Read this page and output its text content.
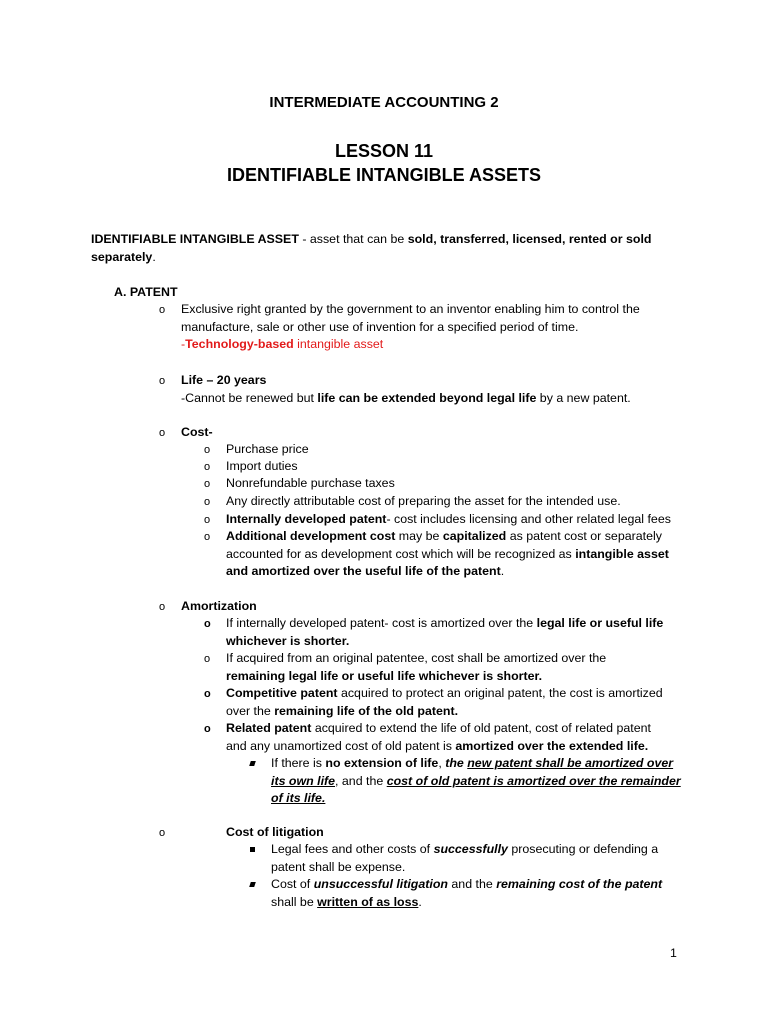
INTERMEDIATE ACCOUNTING 2
LESSON 11
IDENTIFIABLE INTANGIBLE ASSETS
IDENTIFIABLE INTANGIBLE ASSET - asset that can be sold, transferred, licensed, rented or sold
separately.
A. PATENT
o Exclusive right granted by the government to an inventor enabling him to control the
manufacture, sale or other use of invention for a specified period of time.
-Technology-based intangible asset
o Life – 20 years
-Cannot be renewed but life can be extended beyond legal life by a new patent.
o Cost-
o Purchase price
o Import duties
o Nonrefundable purchase taxes
o Any directly attributable cost of preparing the asset for the intended use.
o Internally developed patent- cost includes licensing and other related legal fees
o Additional development cost may be capitalized as patent cost or separately
accounted for as development cost which will be recognized as intangible asset
and amortized over the useful life of the patent.
o Amortization
o If internally developed patent- cost is amortized over the legal life or useful life
whichever is shorter.
o If acquired from an original patentee, cost shall be amortized over the
remaining legal life or useful life whichever is shorter.
o Competitive patent acquired to protect an original patent, the cost is amortized
over the remaining life of the old patent.
o Related patent acquired to extend the life of old patent, cost of related patent
and any unamortized cost of old patent is amortized over the extended life.
If there is no extension of life, the new patent shall be amortized over
its own life, and the cost of old patent is amortized over the remainder
of its life.
o	Cost of litigation
Legal fees and other costs of successfully prosecuting or defending a
patent shall be expense.
Cost of unsuccessful litigation and the remaining cost of the patent
shall be written of as loss.
1
